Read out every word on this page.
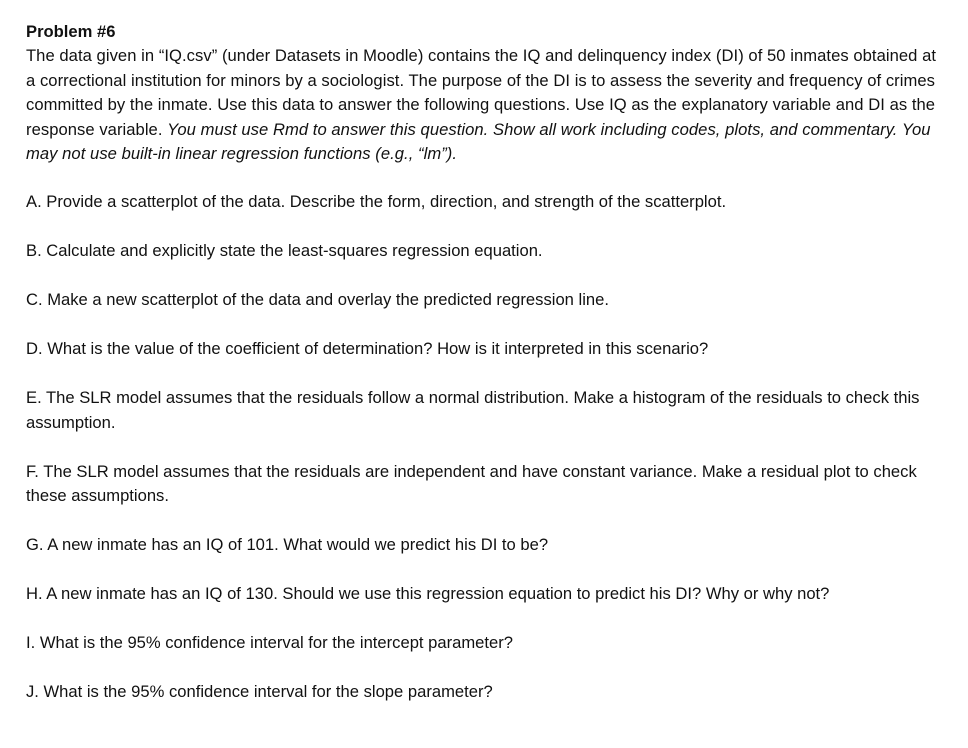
Problem #6

The data given in “IQ.csv” (under Datasets in Moodle) contains the IQ and delinquency index (DI) of 50 inmates obtained at a correctional institution for minors by a sociologist. The purpose of the DI is to assess the severity and frequency of crimes committed by the inmate. Use this data to answer the following questions. Use IQ as the explanatory variable and DI as the response variable. You must use Rmd to answer this question. Show all work including codes, plots, and commentary. You may not use built-in linear regression functions (e.g., “lm”).

A. Provide a scatterplot of the data. Describe the form, direction, and strength of the scatterplot.

B. Calculate and explicitly state the least-squares regression equation.

C. Make a new scatterplot of the data and overlay the predicted regression line.

D. What is the value of the coefficient of determination? How is it interpreted in this scenario?

E. The SLR model assumes that the residuals follow a normal distribution. Make a histogram of the residuals to check this assumption.

F. The SLR model assumes that the residuals are independent and have constant variance. Make a residual plot to check these assumptions.

G. A new inmate has an IQ of 101. What would we predict his DI to be?

H. A new inmate has an IQ of 130. Should we use this regression equation to predict his DI? Why or why not?

I. What is the 95% confidence interval for the intercept parameter?

J. What is the 95% confidence interval for the slope parameter?
